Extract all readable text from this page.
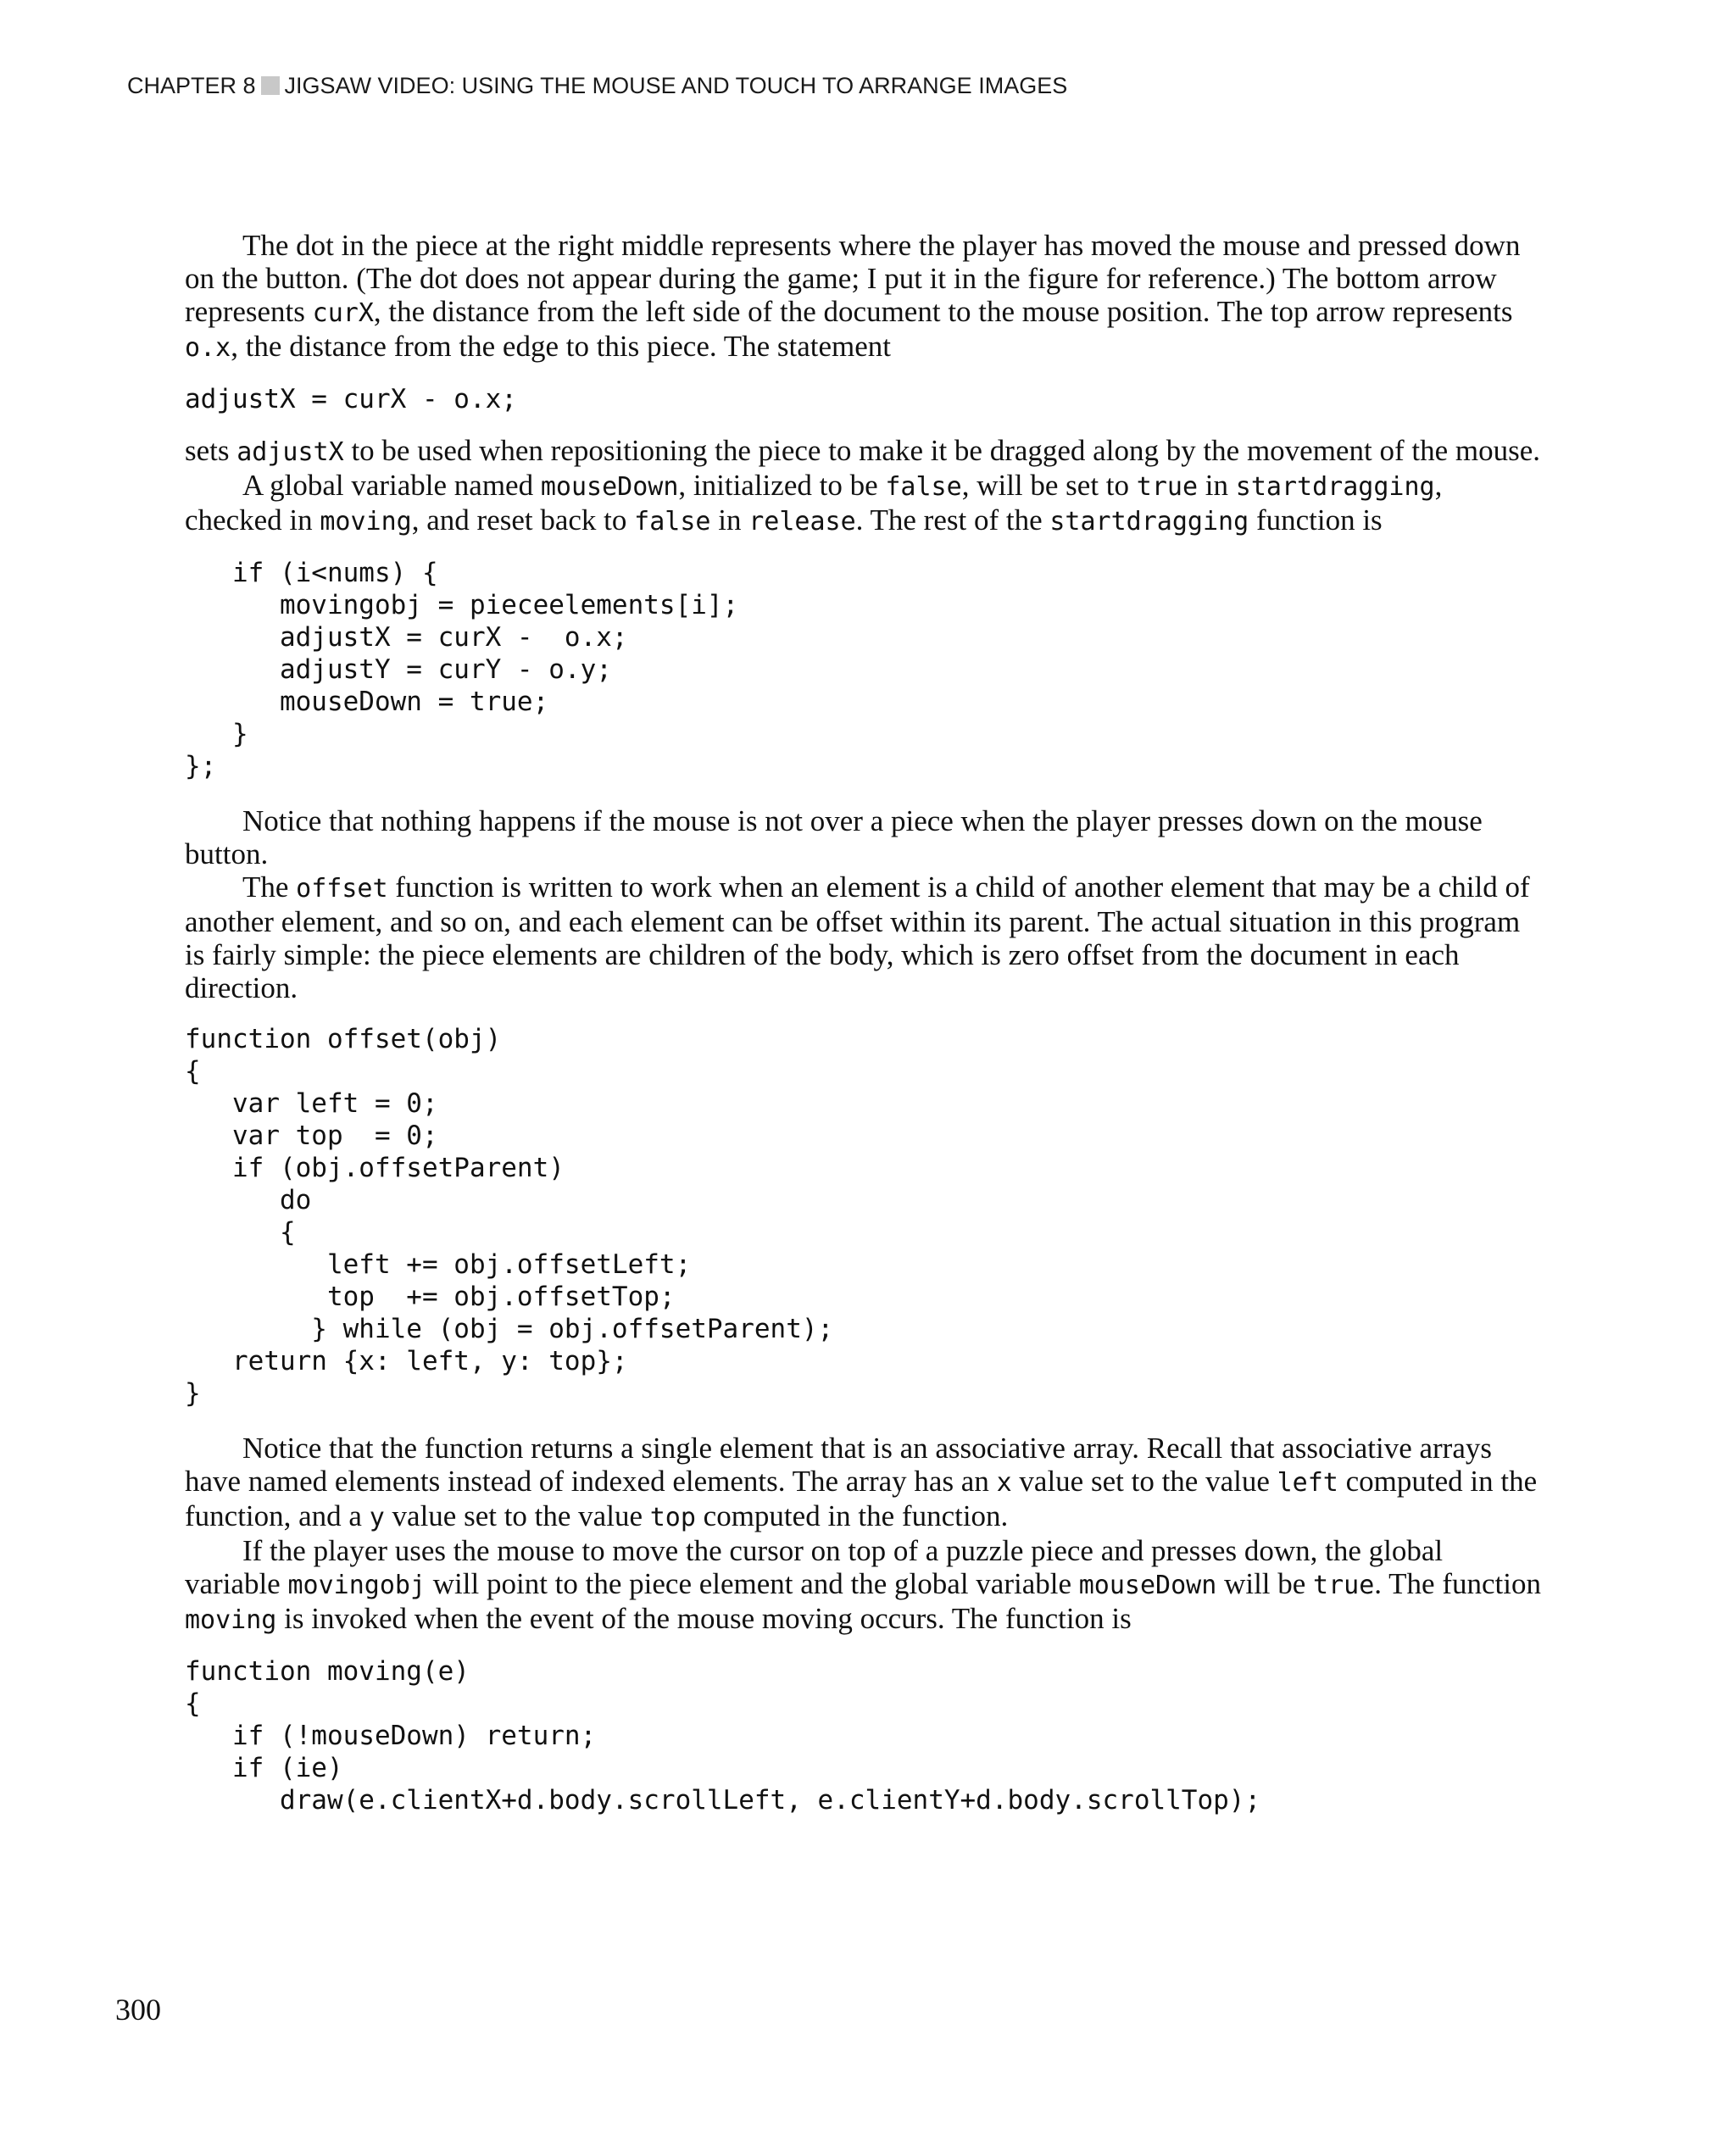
CHAPTER 8 JIGSAW VIDEO: USING THE MOUSE AND TOUCH TO ARRANGE IMAGES

The dot in the piece at the right middle represents where the player has moved the mouse and pressed down on the button. (The dot does not appear during the game; I put it in the figure for reference.) The bottom arrow represents curX, the distance from the left side of the document to the mouse position. The top arrow represents o.x, the distance from the edge to this piece. The statement

adjustX = curX - o.x;

sets adjustX to be used when repositioning the piece to make it be dragged along by the movement of the mouse.

A global variable named mouseDown, initialized to be false, will be set to true in startdragging, checked in moving, and reset back to false in release. The rest of the startdragging function is

if (i<nums) {
movingobj = pieceelements[i];
adjustX = curX -  o.x;
adjustY = curY - o.y;
mouseDown = true;
}
};

Notice that nothing happens if the mouse is not over a piece when the player presses down on the mouse button.

The offset function is written to work when an element is a child of another element that may be a child of another element, and so on, and each element can be offset within its parent. The actual situation in this program is fairly simple: the piece elements are children of the body, which is zero offset from the document in each direction.

function offset(obj)
{
var left = 0;
var top  = 0;
if (obj.offsetParent)
do
{
left += obj.offsetLeft;
top  += obj.offsetTop;
} while (obj = obj.offsetParent);
return {x: left, y: top};
}

Notice that the function returns a single element that is an associative array. Recall that associative arrays have named elements instead of indexed elements. The array has an x value set to the value left computed in the function, and a y value set to the value top computed in the function.

If the player uses the mouse to move the cursor on top of a puzzle piece and presses down, the global variable movingobj will point to the piece element and the global variable mouseDown will be true. The function moving is invoked when the event of the mouse moving occurs. The function is

function moving(e)
{
if (!mouseDown) return;
if (ie)
draw(e.clientX+d.body.scrollLeft, e.clientY+d.body.scrollTop);
300
